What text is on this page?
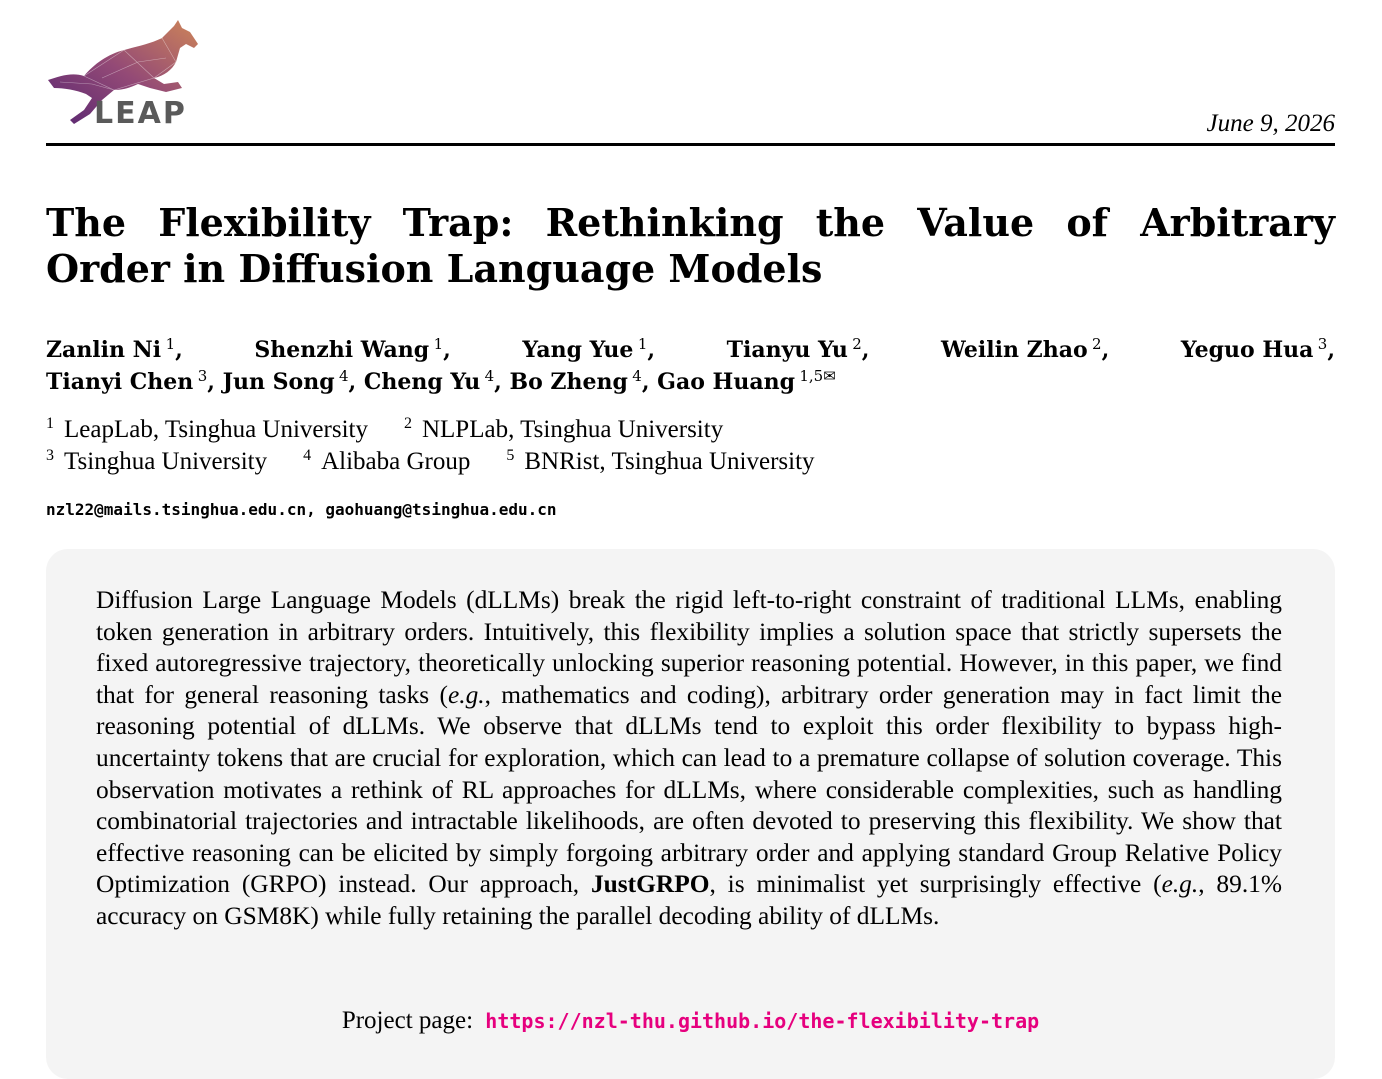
LEAP	June 9, 2026
The Flexibility Trap: Rethinking the Value of Arbitrary Order in Diffusion Language Models
Zanlin Ni  $^1$,	Shenzhi Wang  $^1$,	Yang Yue  $^1$,	Tianyu Yu  $^2$,	Weilin Zhao  $^2$,	Yeguo Hua  $^3$,
Tianyi Chen  $^3$, Jun Song  $^4$, Cheng Yu  $^4$, Bo Zheng  $^4$, Gao Huang  $^{1,5✉}$
$^1$ LeapLab, Tsinghua University $^2$ NLPLab, Tsinghua University
$^3$ Tsinghua University $^4$ Alibaba Group $^5$ BNRist, Tsinghua University
nzl22@mails.tsinghua.edu.cn, gaohuang@tsinghua.edu.cn

Diffusion Large Language Models (dLLMs) break the rigid left-to-right constraint of traditional LLMs, enabling token generation in arbitrary orders. Intuitively, this flexibility implies a solution space that strictly supersets the fixed autoregressive trajectory, theoretically unlocking superior reasoning potential. However, in this paper, we find that for general reasoning tasks (e.g., mathematics and coding), arbitrary order generation may in fact limit the reasoning potential of dLLMs. We observe that dLLMs tend to exploit this order flexibility to bypass high-uncertainty tokens that are crucial for exploration, which can lead to a premature collapse of solution coverage. This observation motivates a rethink of RL approaches for dLLMs, where considerable complexities, such as handling combinatorial trajectories and intractable likelihoods, are often devoted to preserving this flexibility. We show that effective reasoning can be elicited by simply forgoing arbitrary order and applying standard Group Relative Policy Optimization (GRPO) instead. Our approach, JustGRPO, is minimalist yet surprisingly effective (e.g., 89.1% accuracy on GSM8K) while fully retaining the parallel decoding ability of dLLMs.

Project page: https://nzl-thu.github.io/the-flexibility-trap
